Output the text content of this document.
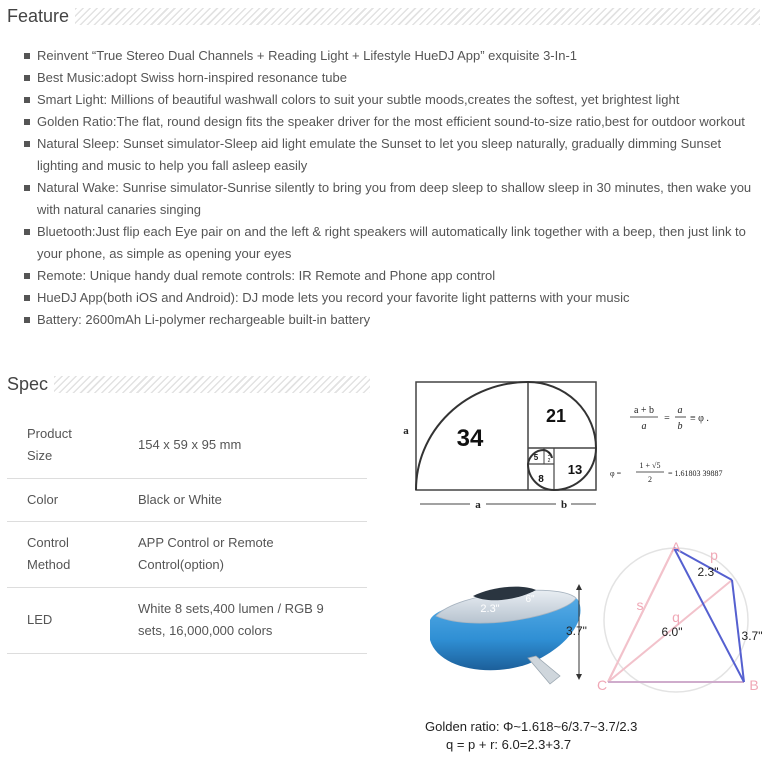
Feature
Reinvent “True Stereo Dual Channels + Reading Light + Lifestyle HueDJ App” exquisite 3-In-1
Best Music:adopt Swiss horn-inspired resonance tube
Smart Light: Millions of beautiful washwall colors to suit your subtle moods,creates the softest, yet brightest light
Golden Ratio:The flat, round design fits the speaker driver for the most efficient sound-to-size ratio,best for outdoor workout
Natural Sleep: Sunset simulator-Sleep aid light emulate the Sunset to let you sleep naturally, gradually dimming Sunset lighting and music to help you fall asleep easily
Natural Wake: Sunrise simulator-Sunrise silently to bring you from deep sleep to shallow sleep in 30 minutes, then wake you with natural canaries singing
Bluetooth:Just flip each Eye pair on and the left & right speakers will automatically link together with a beep, then just link to your phone, as simple as opening your eyes
Remote: Unique handy dual remote controls: IR Remote and Phone app control
HueDJ App(both iOS and Android): DJ mode lets you record your favorite light patterns with your music
Battery: 2600mAh Li-polymer rechargeable built-in battery
Spec
Product Size	154 x 59 x 95 mm
Color	Black or White
Control Method	APP Control or Remote Control(option)
LED	White 8 sets,400 lumen / RGB 9 sets, 16,000,000 colors
34
21
13
8
5 3
2
a
a	b
a + b
a
=
a
b
≡ φ .
φ =
1 + √5
2
= 1.61803 39887
2.3"
6"
3.7"
A
B
C
p
q
s
2.3"
6.0"	3.7"
Golden ratio: Φ~1.618~6/3.7~3.7/2.3
q = p + r: 6.0=2.3+3.7
